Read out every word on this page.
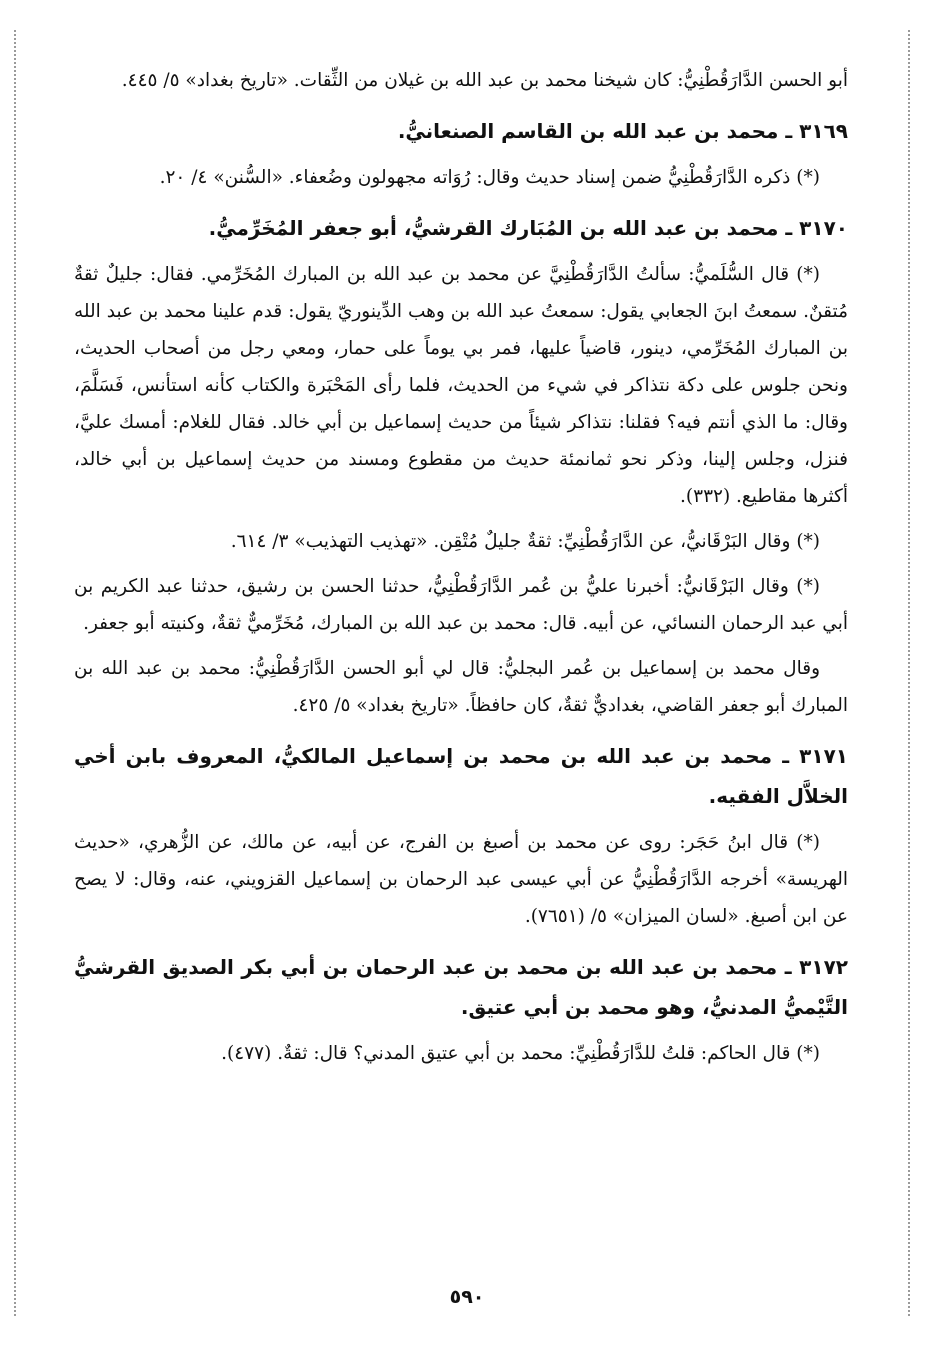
أبو الحسن الدَّارَقُطْنِيُّ: كان شيخنا محمد بن عبد الله بن غيلان من الثِّقات. «تاريخ بغداد» ٥/ ٤٤٥.

٣١٦٩ ـ محمد بن عبد الله بن القاسم الصنعانيُّ.

(*) ذكره الدَّارَقُطْنِيُّ ضمن إسناد حديث وقال: رُوَاته مجهولون وضُعفاء. «السُّنن» ٤/ ٢٠.

٣١٧٠ ـ محمد بن عبد الله بن المُبَارك القرشيُّ، أبو جعفر المُخَرِّميُّ.

(*) قال السُّلَميُّ: سألتُ الدَّارَقُطْنِيَّ عن محمد بن عبد الله بن المبارك المُخَرِّمي. فقال: جليلٌ ثقةٌ مُتقنٌ. سمعتُ ابنَ الجعابي يقول: سمعتُ عبد الله بن وهب الدِّينوريّ يقول: قدم علينا محمد بن عبد الله بن المبارك المُخَرِّمي، دينور، قاضياً عليها، فمر بي يوماً على حمار، ومعي رجل من أصحاب الحديث، ونحن جلوس على دكة نتذاكر في شيء من الحديث، فلما رأى المَحْبَرة والكتاب كأنه استأنس، فَسَلَّمَ، وقال: ما الذي أنتم فيه؟ فقلنا: نتذاكر شيئاً من حديث إسماعيل بن أبي خالد. فقال للغلام: أمسك عليَّ، فنزل، وجلس إلينا، وذكر نحو ثمانمئة حديث من مقطوع ومسند من حديث إسماعيل بن أبي خالد، أكثرها مقاطيع. (٣٣٢).

(*) وقال البَرْقَانيُّ، عن الدَّارَقُطْنِيِّ: ثقةٌ جليلٌ مُتْقِن. «تهذيب التهذيب» ٣/ ٦١٤.

(*) وقال البَرْقَانيُّ: أخبرنا عليُّ بن عُمر الدَّارَقُطْنِيُّ، حدثنا الحسن بن رشيق، حدثنا عبد الكريم بن أبي عبد الرحمان النسائي، عن أبيه. قال: محمد بن عبد الله بن المبارك، مُخَرِّميٌّ ثقةٌ، وكنيته أبو جعفر.

وقال محمد بن إسماعيل بن عُمر البجليُّ: قال لي أبو الحسن الدَّارَقُطْنِيُّ: محمد بن عبد الله بن المبارك أبو جعفر القاضي، بغداديٌّ ثقةٌ، كان حافظاً. «تاريخ بغداد» ٥/ ٤٢٥.

٣١٧١ ـ محمد بن عبد الله بن محمد بن إسماعيل المالكيُّ، المعروف بابن أخي الخلاَّل الفقيه.

(*) قال ابنُ حَجَر: روى عن محمد بن أصبغ بن الفرج، عن أبيه، عن مالك، عن الزُّهري، «حديث الهريسة» أخرجه الدَّارَقُطْنِيُّ عن أبي عيسى عبد الرحمان بن إسماعيل القزويني، عنه، وقال: لا يصح عن ابن أصبغ. «لسان الميزان» ٥/ (٧٦٥١).

٣١٧٢ ـ محمد بن عبد الله بن محمد بن عبد الرحمان بن أبي بكر الصديق القرشيُّ التَّيْميُّ المدنيُّ، وهو محمد بن أبي عتيق.

(*) قال الحاكم: قلتُ للدَّارَقُطْنِيِّ: محمد بن أبي عتيق المدني؟ قال: ثقةٌ. (٤٧٧).

٥٩٠
